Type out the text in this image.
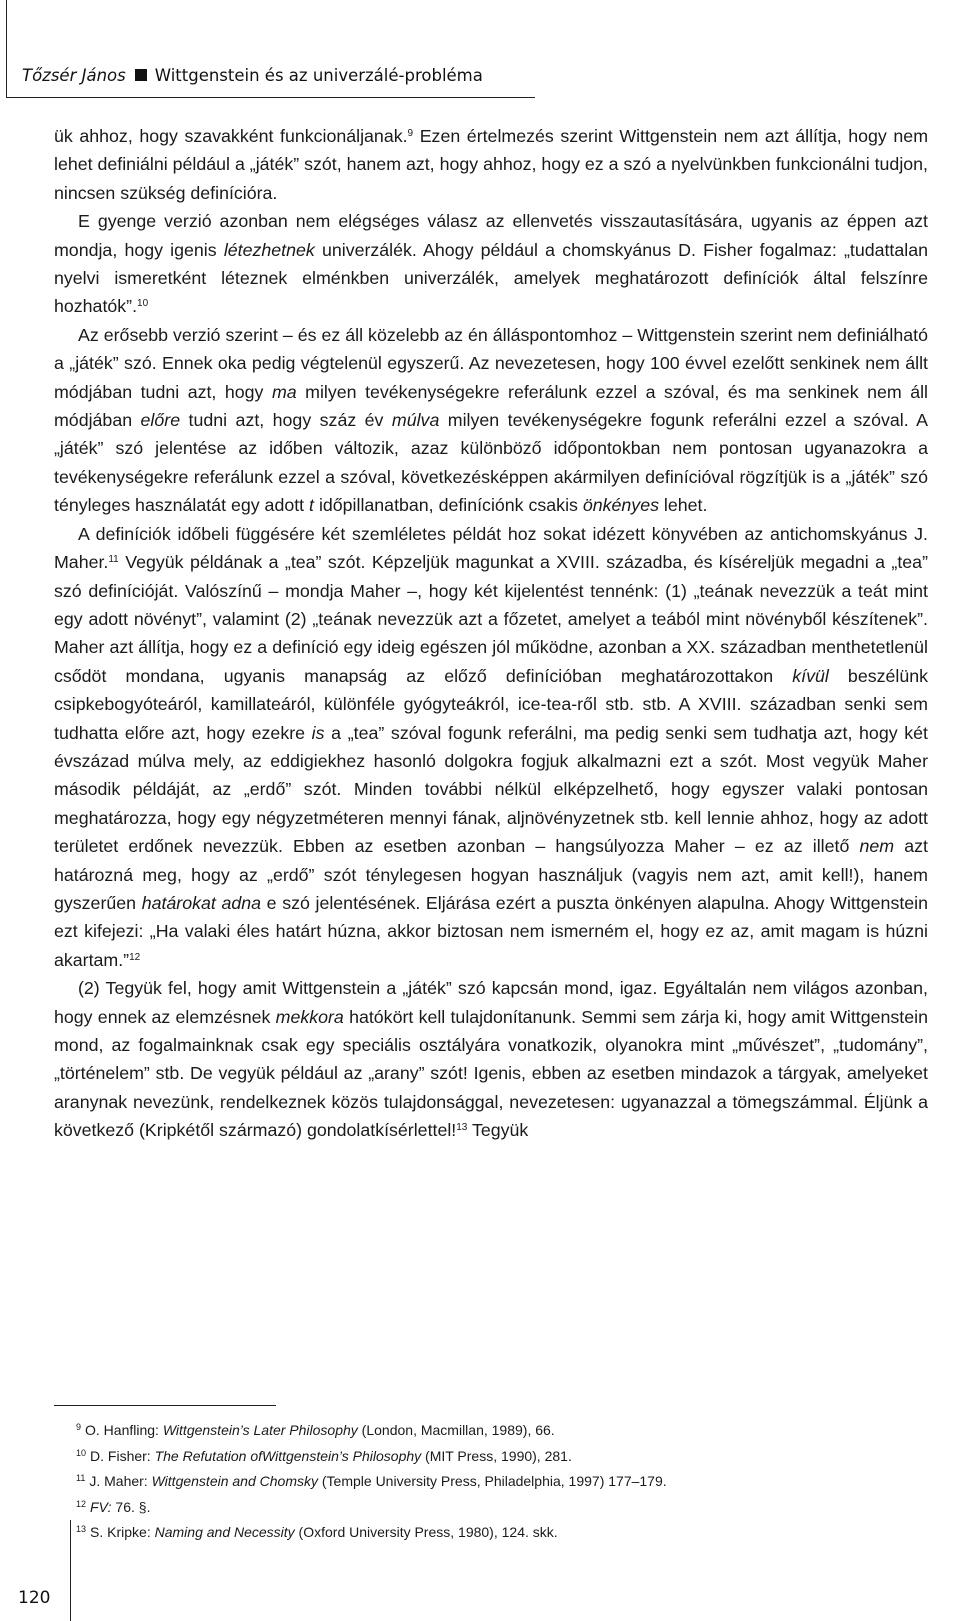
Tőzsér János Wittgenstein és az univerzálé-probléma

ük ahhoz, hogy szavakként funkcionáljanak.$^9$ Ezen értelmezés szerint Wittgenstein nem azt állítja, hogy nem lehet definiálni például a „játék” szót, hanem azt, hogy ahhoz, hogy ez a szó a nyelvünkben funkcionálni tudjon, nincsen szükség definícióra.

E gyenge verzió azonban nem elégséges válasz az ellenvetés visszautasítására, ugyanis az éppen azt mondja, hogy igenis létezhetnek univerzálék. Ahogy például a chomskyánus D. Fisher fogalmaz: „tudattalan nyelvi ismeretként léteznek elménkben univerzálék, amelyek meghatározott definíciók által felszínre hozhatók”.$^{10}$

Az erősebb verzió szerint – és ez áll közelebb az én álláspontomhoz – Wittgenstein szerint nem definiálható a „játék” szó. Ennek oka pedig végtelenül egyszerű. Az nevezetesen, hogy 100 évvel ezelőtt senkinek nem állt módjában tudni azt, hogy ma milyen tevékenységekre referálunk ezzel a szóval, és ma senkinek nem áll módjában előre tudni azt, hogy száz év múlva milyen tevékenységekre fogunk referálni ezzel a szóval. A „játék” szó jelentése az időben változik, azaz különböző időpontokban nem pontosan ugyanazokra a tevékenységekre referálunk ezzel a szóval, következésképpen akármilyen definícióval rögzítjük is a „játék” szó tényleges használatát egy adott t időpillanatban, definíciónk csakis önkényes lehet.

A definíciók időbeli függésére két szemléletes példát hoz sokat idézett könyvében az antichomskyánus J. Maher.$^{11}$ Vegyük példának a „tea” szót. Képzeljük magunkat a XVIII. századba, és kíséreljük megadni a „tea” szó definícióját. Valószínű – mondja Maher –, hogy két kijelentést tennénk: (1) „teának nevezzük a teát mint egy adott növényt”, valamint (2) „teának nevezzük azt a főzetet, amelyet a teából mint növényből készítenek”. Maher azt állítja, hogy ez a definíció egy ideig egészen jól működne, azonban a XX. században menthetetlenül csődöt mondana, ugyanis manapság az előző definícióban meghatározottakon kívül beszélünk csipkebogyóteáról, kamillateáról, különféle gyógyteákról, ice-tea-ről stb. stb. A XVIII. században senki sem tudhatta előre azt, hogy ezekre is a „tea” szóval fogunk referálni, ma pedig senki sem tudhatja azt, hogy két évszázad múlva mely, az eddigiekhez hasonló dolgokra fogjuk alkalmazni ezt a szót. Most vegyük Maher második példáját, az „erdő” szót. Minden további nélkül elképzelhető, hogy egyszer valaki pontosan meghatározza, hogy egy négyzetméteren mennyi fának, aljnövényzetnek stb. kell lennie ahhoz, hogy az adott területet erdőnek nevezzük. Ebben az esetben azonban – hangsúlyozza Maher – ez az illető nem azt határozná meg, hogy az „erdő” szót ténylegesen hogyan használjuk (vagyis nem azt, amit kell!), hanem gyszerűen határokat adna e szó jelentésének. Eljárása ezért a puszta önkényen alapulna. Ahogy Wittgenstein ezt kifejezi: „Ha valaki éles határt húzna, akkor biztosan nem ismerném el, hogy ez az, amit magam is húzni akartam.”$^{12}$

(2) Tegyük fel, hogy amit Wittgenstein a „játék” szó kapcsán mond, igaz. Egyáltalán nem világos azonban, hogy ennek az elemzésnek mekkora hatókört kell tulajdonítanunk. Semmi sem zárja ki, hogy amit Wittgenstein mond, az fogalmainknak csak egy speciális osztályára vonatkozik, olyanokra mint „művészet”, „tudomány”, „történelem” stb. De vegyük például az „arany” szót! Igenis, ebben az esetben mindazok a tárgyak, amelyeket aranynak nevezünk, rendelkeznek közös tulajdonsággal, nevezetesen: ugyanazzal a tömegszámmal. Éljünk a következő (Kripkétől származó) gondolatkísérlettel!$^{13}$ Tegyük

$^9$ O. Hanfling: Wittgenstein’s Later Philosophy (London, Macmillan, 1989), 66.
$^{10}$ D. Fisher: The Refutation ofWittgenstein’s Philosophy (MIT Press, 1990), 281.
$^{11}$ J. Maher: Wittgenstein and Chomsky (Temple University Press, Philadelphia, 1997) 177–179.
$^{12}$ FV: 76. §.
$^{13}$ S. Kripke: Naming and Necessity (Oxford University Press, 1980), 124. skk.
120
